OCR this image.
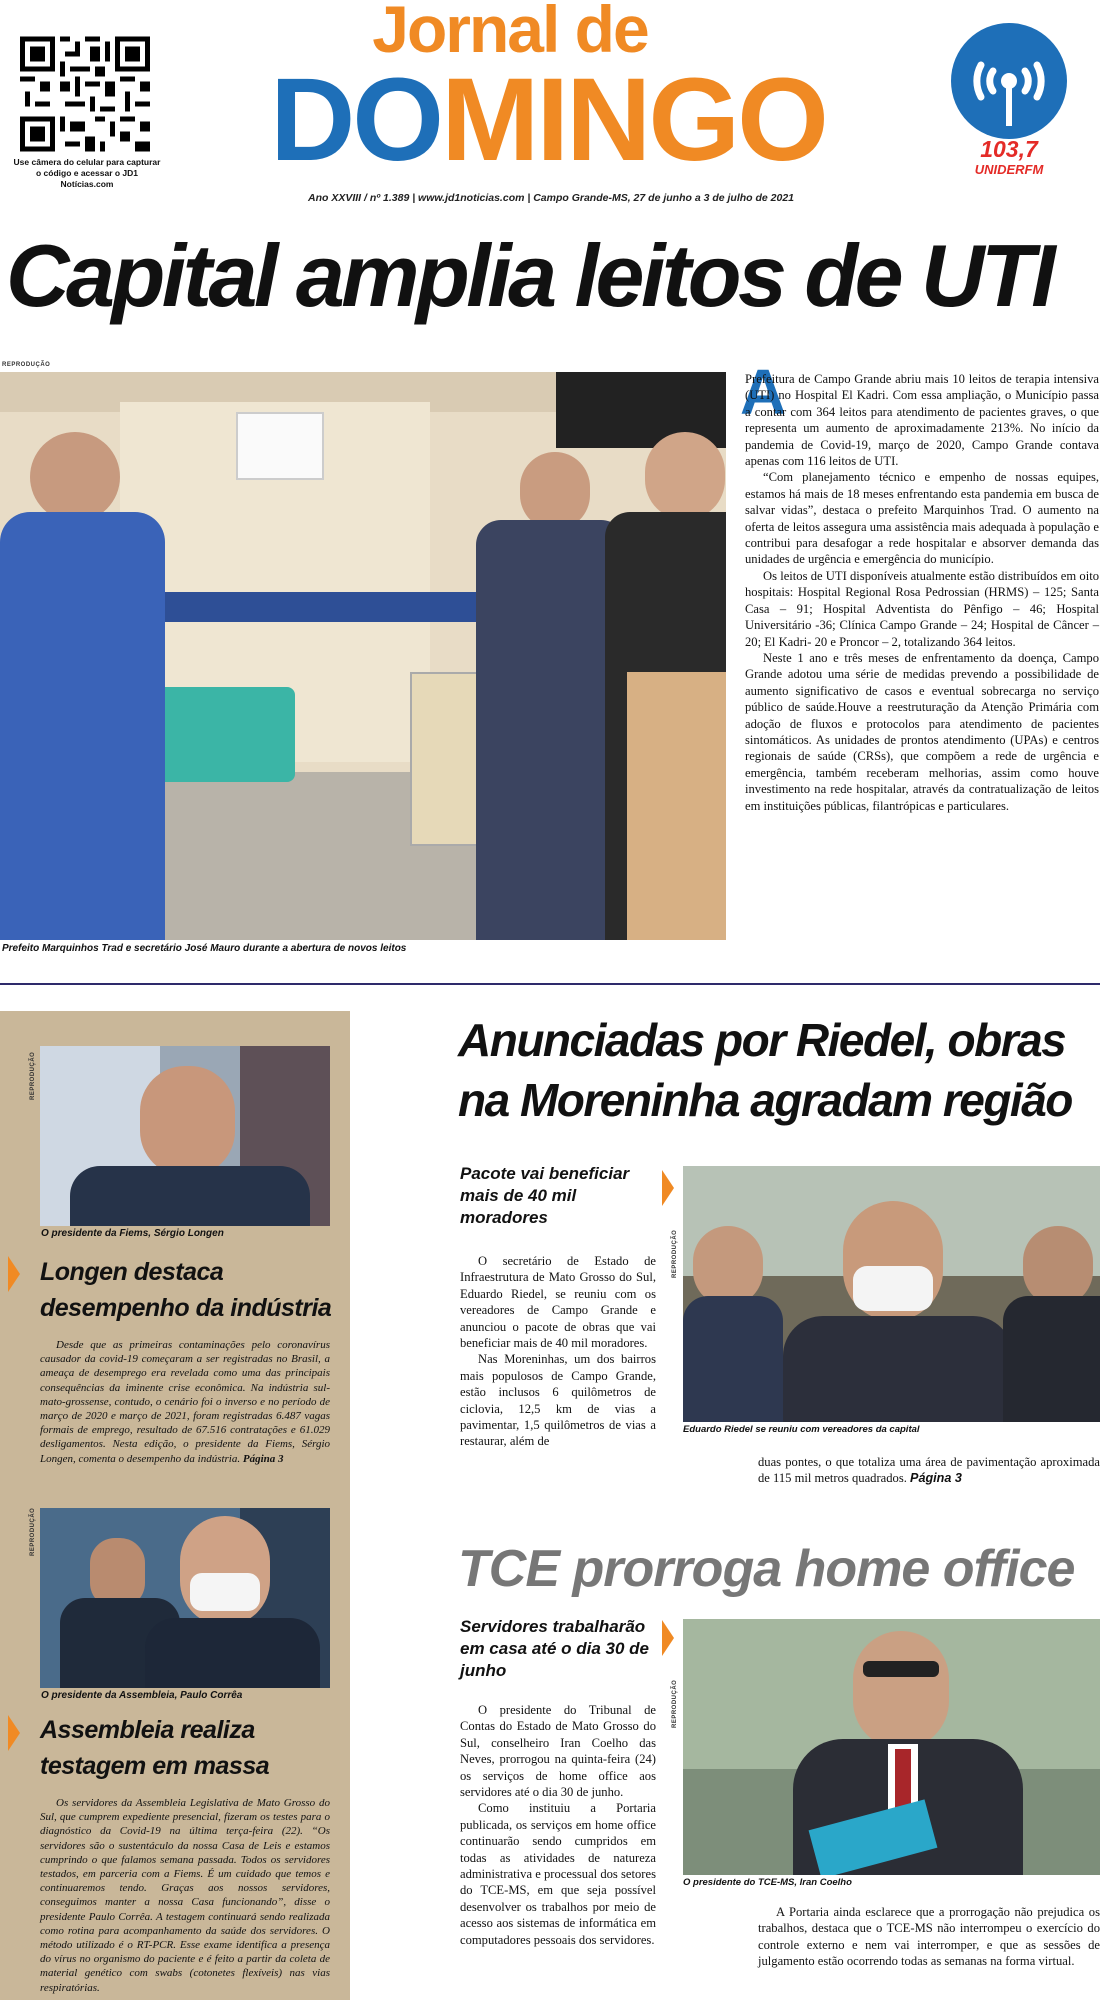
Use câmera do celular para capturar o código e acessar o JD1 Notícias.com
Jornal de
DOMINGO	103,7
UNIDERFM
Ano XXVIII / nº 1.389 | www.jd1noticias.com | Campo Grande-MS, 27 de junho a 3 de julho de 2021
Capital amplia leitos de UTI
REPRODUÇÃO
Prefeito Marquinhos Trad e secretário José Mauro durante a abertura de novos leitos
A

Prefeitura de Campo Grande abriu mais 10 leitos de terapia intensiva (UTI) no Hospital El Kadri. Com essa ampliação, o Município passa a contar com 364 leitos para atendimento de pacientes graves, o que representa um aumento de aproximadamente 213%. No início da pandemia de Covid-19, março de 2020, Campo Grande contava apenas com 116 leitos de UTI.

“Com planejamento técnico e empenho de nossas equipes, estamos há mais de 18 meses enfrentando esta pandemia em busca de salvar vidas”, destaca o prefeito Marquinhos Trad. O aumento na oferta de leitos assegura uma assistência mais adequada à população e contribui para desafogar a rede hospitalar e absorver demanda das unidades de urgência e emergência do município.

Os leitos de UTI disponíveis atualmente estão distribuídos em oito hospitais: Hospital Regional Rosa Pedrossian (HRMS) – 125; Santa Casa – 91; Hospital Adventista do Pênfigo – 46; Hospital Universitário -36; Clínica Campo Grande – 24; Hospital de Câncer – 20; El Kadri- 20 e Proncor – 2, totalizando 364 leitos.

Neste 1 ano e três meses de enfrentamento da doença, Campo Grande adotou uma série de medidas prevendo a possibilidade de aumento significativo de casos e eventual sobrecarga no serviço público de saúde.Houve a reestruturação da Atenção Primária com adoção de fluxos e protocolos para atendimento de pacientes sintomáticos. As unidades de prontos atendimento (UPAs) e centros regionais de saúde (CRSs), que compõem a rede de urgência e emergência, também receberam melhorias, assim como houve investimento na rede hospitalar, através da contratualização de leitos em instituições públicas, filantrópicas e particulares.

REPRODUÇÃO
O presidente da Fiems, Sérgio Longen
Longen destaca
desempenho da indústria

Desde que as primeiras contaminações pelo coronavírus causador da covid-19 começaram a ser registradas no Brasil, a ameaça de desemprego era revelada como uma das principais consequências da iminente crise econômica. Na indústria sul-mato-grossense, contudo, o cenário foi o inverso e no período de março de 2020 e março de 2021, foram registradas 6.487 vagas formais de emprego, resultado de 67.516 contratações e 61.029 desligamentos. Nesta edição, o presidente da Fiems, Sérgio Longen, comenta o desempenho da indústria. Página 3

REPRODUÇÃO
O presidente da Assembleia, Paulo Corrêa
Assembleia realiza
testagem em massa

Os servidores da Assembleia Legislativa de Mato Grosso do Sul, que cumprem expediente presencial, fizeram os testes para o diagnóstico da Covid-19 na última terça-feira (22). “Os servidores são o sustentáculo da nossa Casa de Leis e estamos cumprindo o que falamos semana passada. Todos os servidores testados, em parceria com a Fiems. É um cuidado que temos e continuaremos tendo. Graças aos nossos servidores, conseguimos manter a nossa Casa funcionando”, disse o presidente Paulo Corrêa. A testagem continuará sendo realizada como rotina para acompanhamento da saúde dos servidores. O método utilizado é o RT-PCR. Esse exame identifica a presença do vírus no organismo do paciente e é feito a partir da coleta de material genético com swabs (cotonetes flexíveis) nas vias respiratórias.

Anunciadas por Riedel, obras
na Moreninha agradam região
Pacote vai beneficiar mais de 40 mil moradores
REPRODUÇÃO
Eduardo Riedel se reuniu com vereadores da capital

O secretário de Estado de Infraestrutura de Mato Grosso do Sul, Eduardo Riedel, se reuniu com os vereadores de Campo Grande e anunciou o pacote de obras que vai beneficiar mais de 40 mil moradores.

Nas Moreninhas, um dos bairros mais populosos de Campo Grande, estão inclusos 6 quilômetros de ciclovia, 12,5 km de vias a pavimentar, 1,5 quilômetros de vias a restaurar, além de

duas pontes, o que totaliza uma área de pavimentação aproximada de 115 mil metros quadrados. Página 3

TCE prorroga home office
Servidores trabalharão em casa até o dia 30 de junho
REPRODUÇÃO
O presidente do TCE-MS, Iran Coelho

O presidente do Tribunal de Contas do Estado de Mato Grosso do Sul, conselheiro Iran Coelho das Neves, prorrogou na quinta-feira (24) os serviços de home office aos servidores até o dia 30 de junho.

Como instituiu a Portaria publicada, os serviços em home office continuarão sendo cumpridos em todas as atividades de natureza administrativa e processual dos setores do TCE-MS, em que seja possível desenvolver os trabalhos por meio de acesso aos sistemas de informática em computadores pessoais dos servidores.

A Portaria ainda esclarece que a prorrogação não prejudica os trabalhos, destaca que o TCE-MS não interrompeu o exercício do controle externo e nem vai interromper, e que as sessões de julgamento estão ocorrendo todas as semanas na forma virtual.
